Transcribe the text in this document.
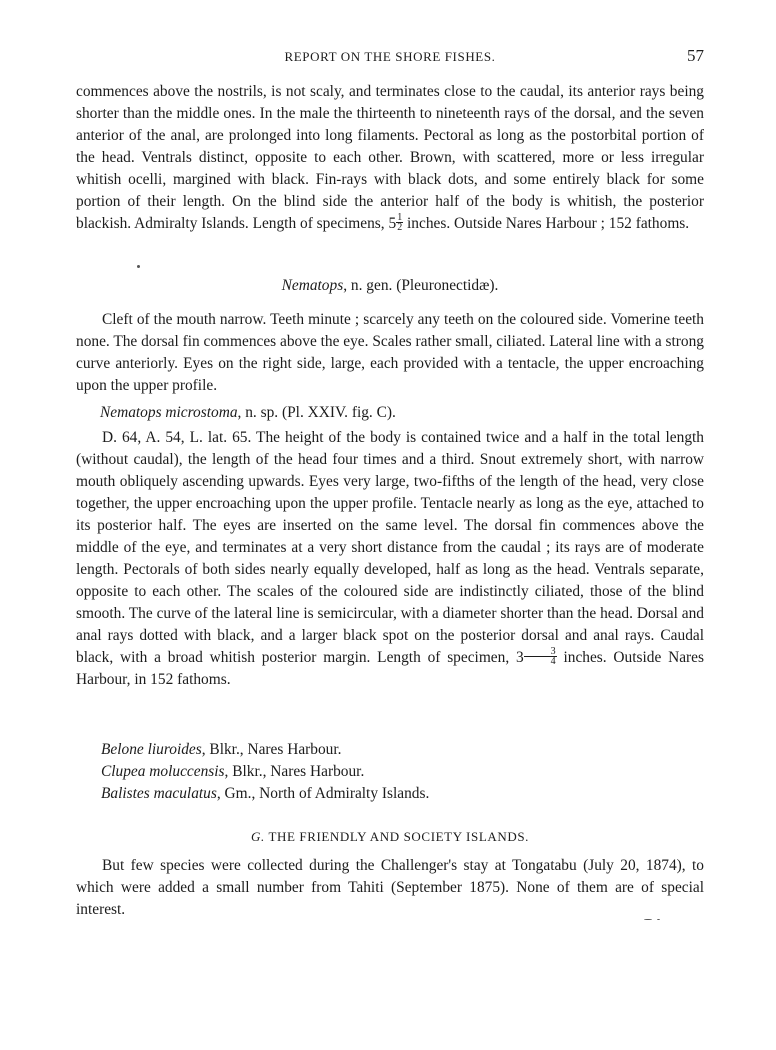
REPORT ON THE SHORE FISHES.	57

commences above the nostrils, is not scaly, and terminates close to the caudal, its anterior rays being shorter than the middle ones. In the male the thirteenth to nineteenth rays of the dorsal, and the seven anterior of the anal, are prolonged into long filaments. Pectoral as long as the postorbital portion of the head. Ventrals distinct, opposite to each other. Brown, with scattered, more or less irregular whitish ocelli, margined with black. Fin-rays with black dots, and some entirely black for some portion of their length. On the blind side the anterior half of the body is whitish, the posterior blackish. Admiralty Islands. Length of specimens, $5 \frac{1}{2}$ inches. Outside Nares Harbour ; 152 fathoms.

Nematops, n. gen. (Pleuronectidæ).

Cleft of the mouth narrow. Teeth minute ; scarcely any teeth on the coloured side. Vomerine teeth none. The dorsal fin commences above the eye. Scales rather small, ciliated. Lateral line with a strong curve anteriorly. Eyes on the right side, large, each provided with a tentacle, the upper encroaching upon the upper profile.

Nematops microstoma, n. sp. (Pl. XXIV. fig. C).

D. 64, A. 54, L. lat. 65. The height of the body is contained twice and a half in the total length (without caudal), the length of the head four times and a third. Snout extremely short, with narrow mouth obliquely ascending upwards. Eyes very large, two-fifths of the length of the head, very close together, the upper encroaching upon the upper profile. Tentacle nearly as long as the eye, attached to its posterior half. The eyes are inserted on the same level. The dorsal fin commences above the middle of the eye, and terminates at a very short distance from the caudal ; its rays are of moderate length. Pectorals of both sides nearly equally developed, half as long as the head. Ventrals separate, opposite to each other. The scales of the coloured side are indistinctly ciliated, those of the blind smooth. The curve of the lateral line is semicircular, with a diameter shorter than the head. Dorsal and anal rays dotted with black, and a larger black spot on the posterior dorsal and anal rays. Caudal black, with a broad whitish posterior margin. Length of specimen, $3 \frac{3}{4}$ inches. Outside Nares Harbour, in 152 fathoms.

Belone liuroides, Blkr., Nares Harbour.
Clupea moluccensis, Blkr., Nares Harbour.
Balistes maculatus, Gm., North of Admiralty Islands.
G. THE FRIENDLY AND SOCIETY ISLANDS.

But few species were collected during the Challenger's stay at Tongatabu (July 20, 1874), to which were added a small number from Tahiti (September 1875). None of them are of special interest.
